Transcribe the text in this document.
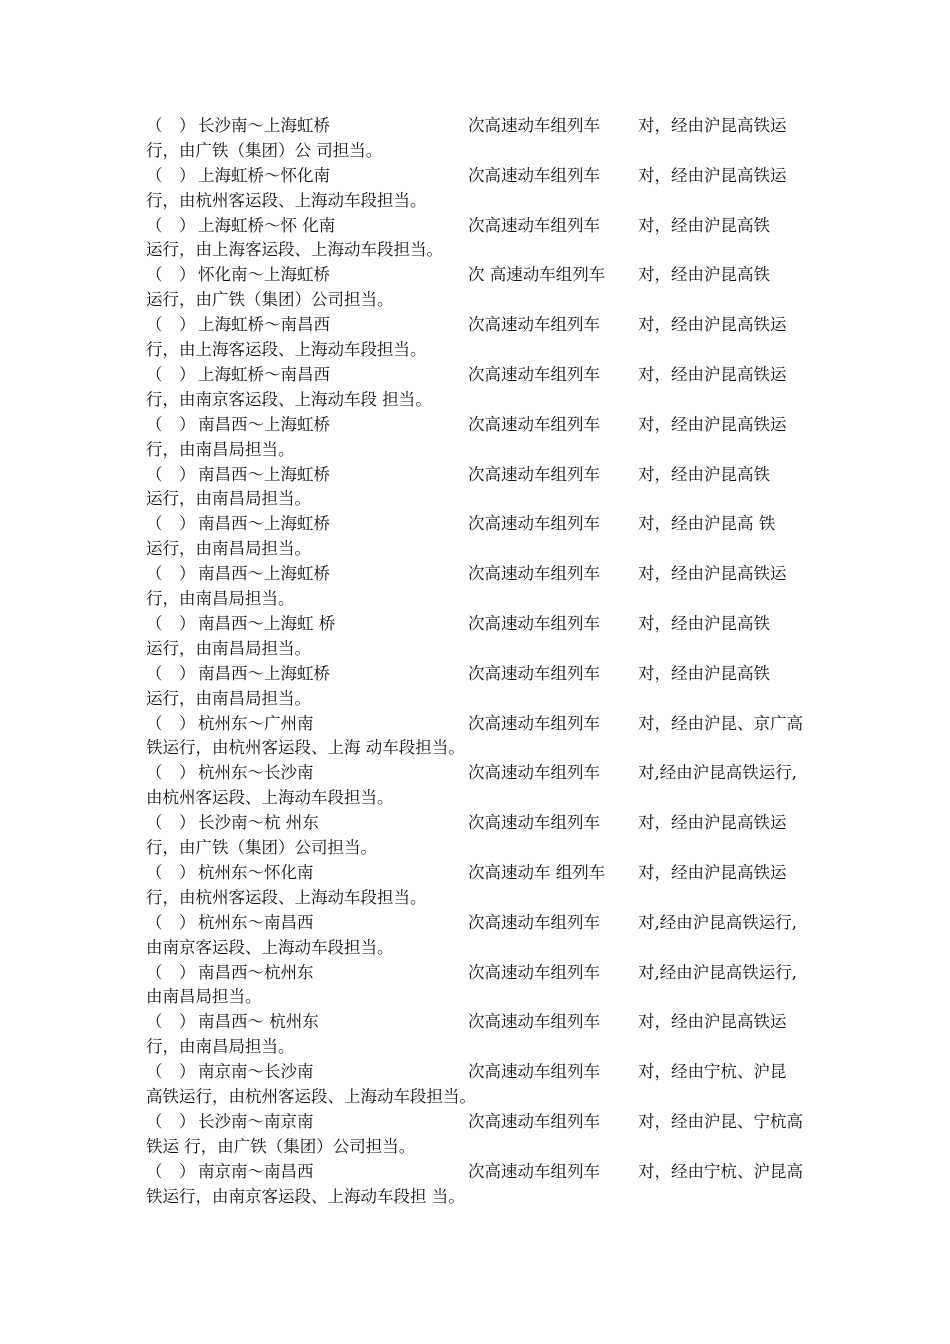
（　） 长沙南～上海虹桥	次高速动车组列车 对，经由沪昆高铁运
行，由广铁（集团）公 司担当。
（　） 上海虹桥～怀化南	次高速动车组列车 对，经由沪昆高铁运
行，由杭州客运段、上海动车段担当。
（　） 上海虹桥～怀 化南	次高速动车组列车 对，经由沪昆高铁
运行，由上海客运段、上海动车段担当。
（　） 怀化南～上海虹桥	次 高速动车组列车 对，经由沪昆高铁
运行，由广铁（集团）公司担当。
（　） 上海虹桥～南昌西	次高速动车组列车 对，经由沪昆高铁运
行，由上海客运段、上海动车段担当。
（　） 上海虹桥～南昌西	次高速动车组列车 对，经由沪昆高铁运
行，由南京客运段、上海动车段 担当。
（　） 南昌西～上海虹桥	次高速动车组列车 对，经由沪昆高铁运
行，由南昌局担当。
（　） 南昌西～上海虹桥	次高速动车组列车 对，经由沪昆高铁
运行，由南昌局担当。
（　） 南昌西～上海虹桥	次高速动车组列车 对，经由沪昆高 铁
运行，由南昌局担当。
（　） 南昌西～上海虹桥	次高速动车组列车 对，经由沪昆高铁运
行，由南昌局担当。
（　） 南昌西～上海虹 桥	次高速动车组列车 对，经由沪昆高铁
运行，由南昌局担当。
（　） 南昌西～上海虹桥	次高速动车组列车 对，经由沪昆高铁
运行，由南昌局担当。
（　） 杭州东～广州南	次高速动车组列车 对，经由沪昆、京广高
铁运行，由杭州客运段、上海 动车段担当。
（　） 杭州东～长沙南	次高速动车组列车 对,经由沪昆高铁运行,
由杭州客运段、上海动车段担当。
（　） 长沙南～杭 州东	次高速动车组列车 对，经由沪昆高铁运
行，由广铁（集团）公司担当。
（　） 杭州东～怀化南	次高速动车 组列车 对，经由沪昆高铁运
行，由杭州客运段、上海动车段担当。
（　） 杭州东～南昌西	次高速动车组列车 对,经由沪昆高铁运行,
由南京客运段、上海动车段担当。
（　） 南昌西～杭州东	次高速动车组列车 对,经由沪昆高铁运行,
由南昌局担当。
（　） 南昌西～ 杭州东	次高速动车组列车 对，经由沪昆高铁运
行，由南昌局担当。
（　） 南京南～长沙南	次高速动车组列车 对，经由宁杭、沪昆
高铁运行，由杭州客运段、上海动车段担当。
（　） 长沙南～南京南	次高速动车组列车 对，经由沪昆、宁杭高
铁运 行，由广铁（集团）公司担当。
（　） 南京南～南昌西	次高速动车组列车 对，经由宁杭、沪昆高
铁运行，由南京客运段、上海动车段担 当。
